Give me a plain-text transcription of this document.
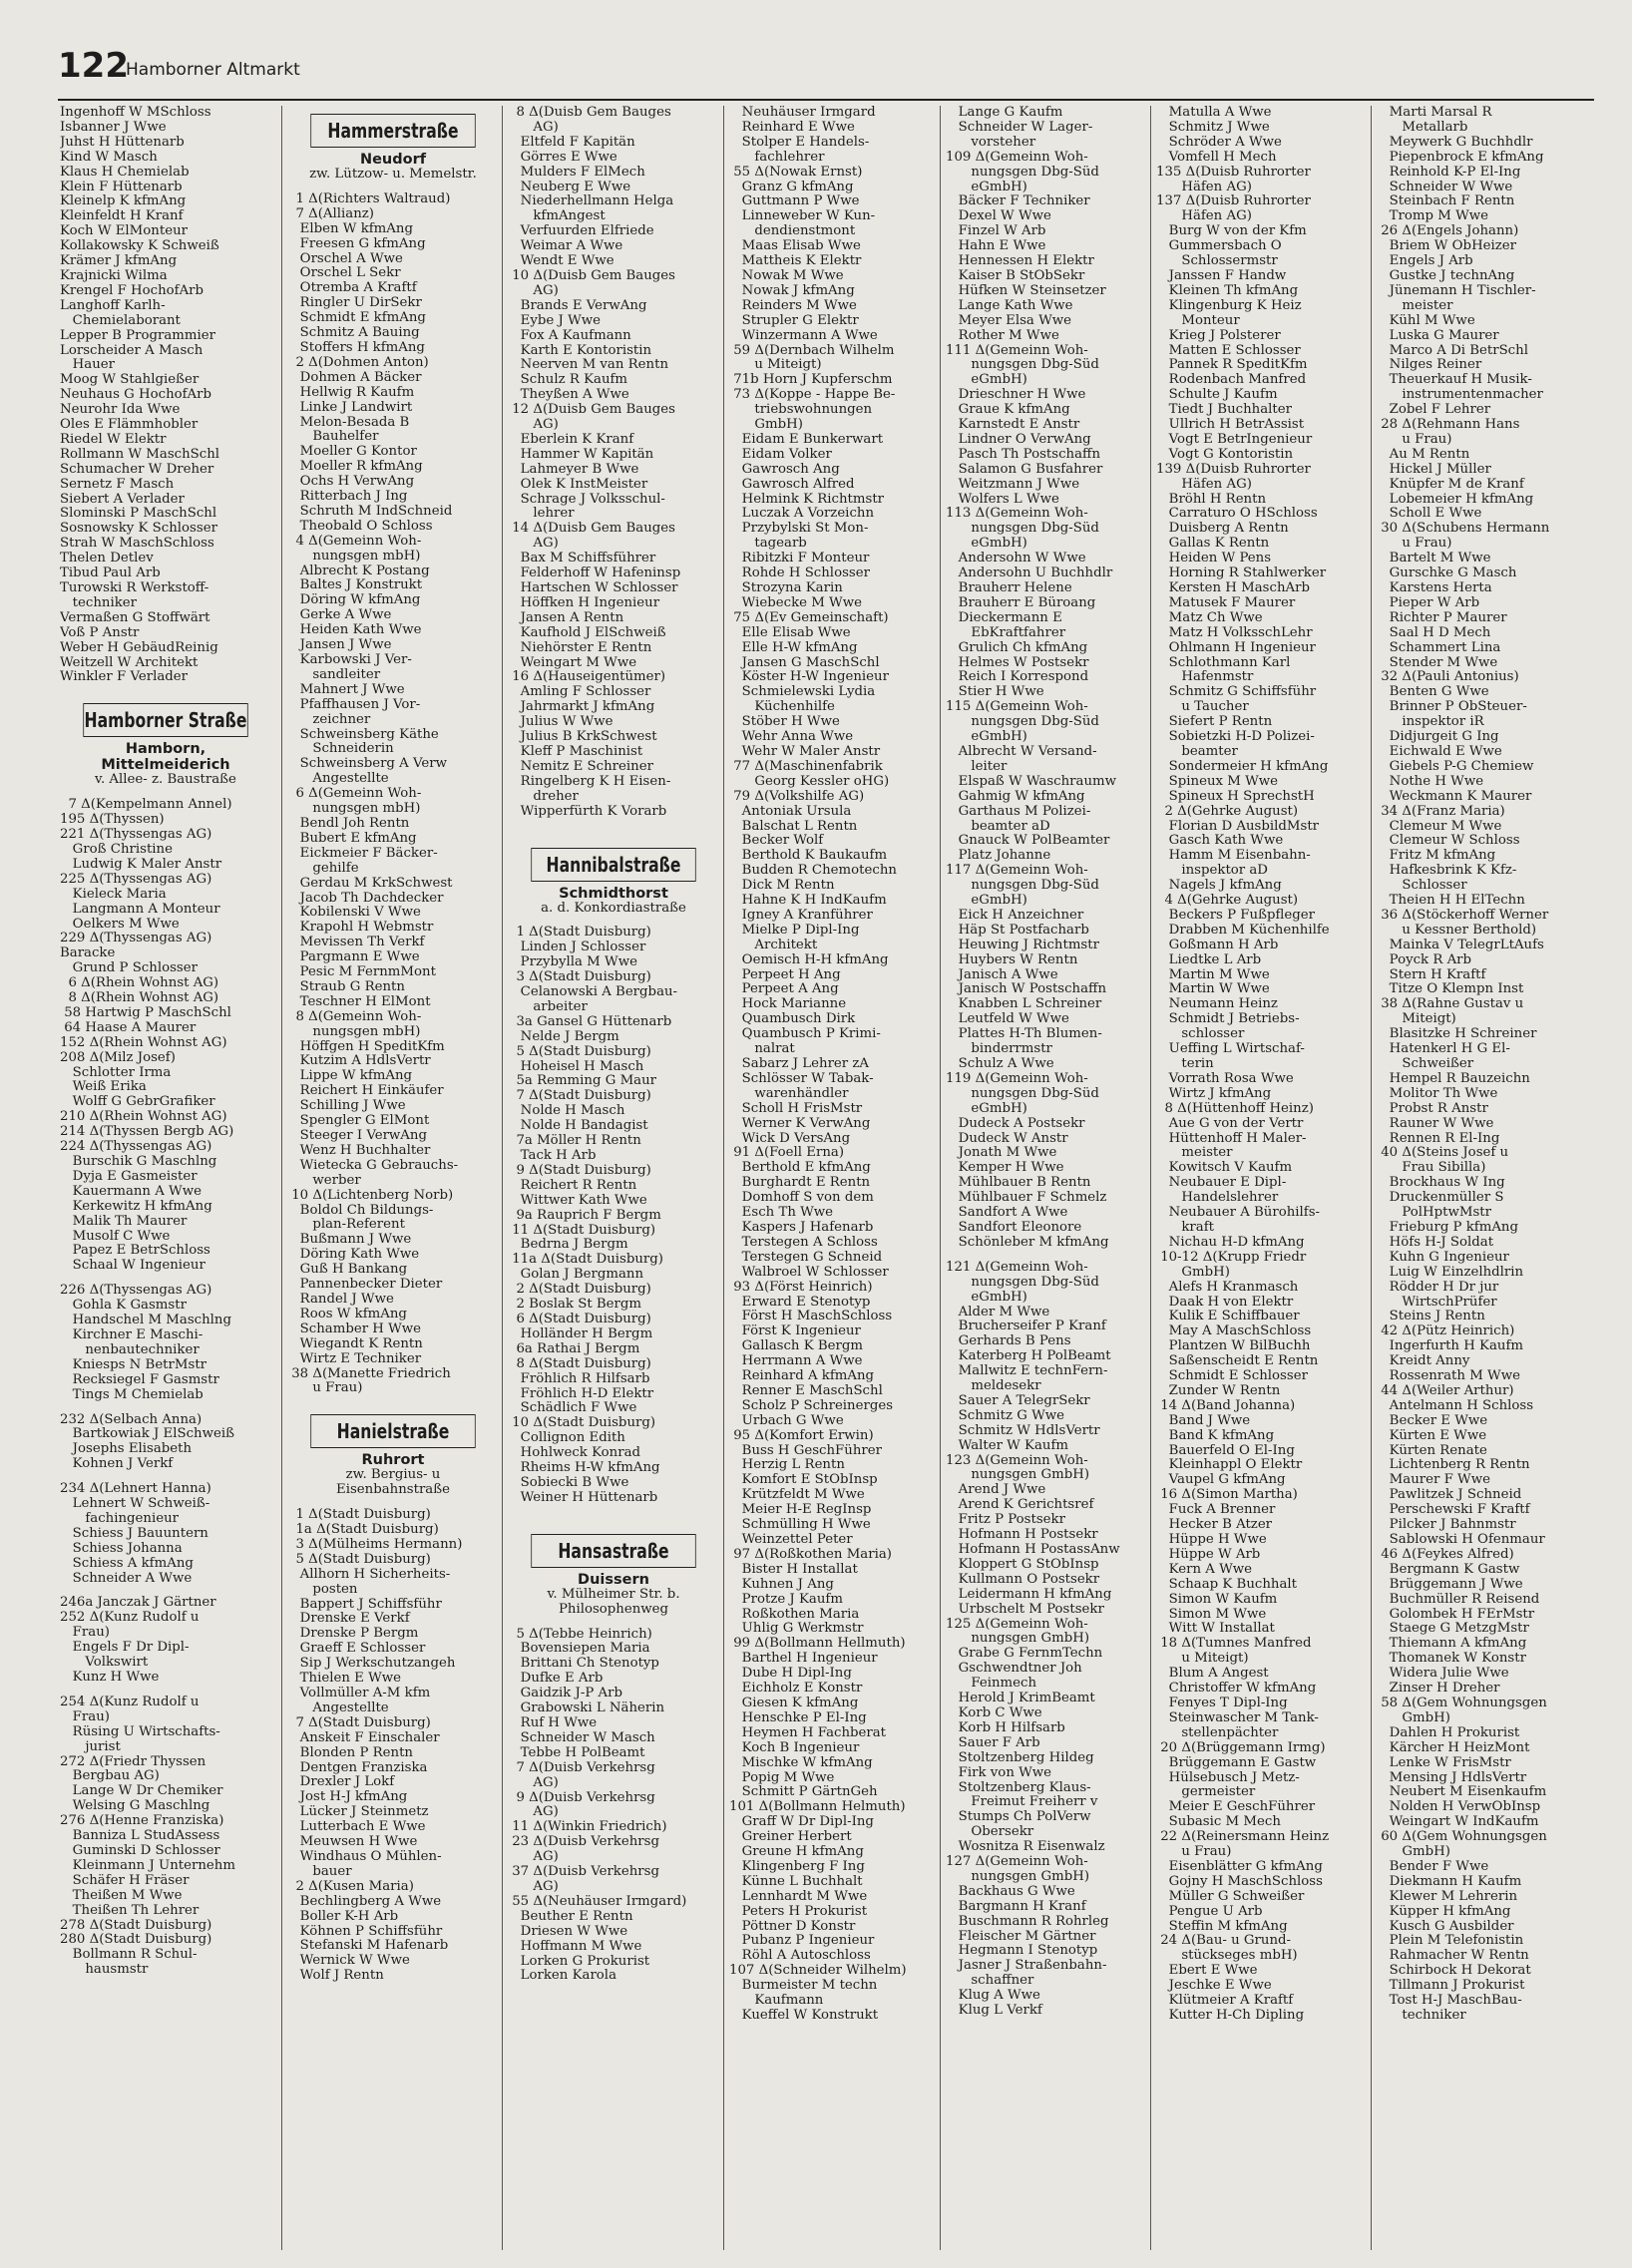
122
Hamborner Altmarkt
Ingenhoff W MSchloss
Isbanner J Wwe
Juhst H Hüttenarb
Kind W Masch
Klaus H Chemielab
Klein F Hüttenarb
Kleinelp K kfmAng
Kleinfeldt H Kranf
Koch W ElMonteur
Kollakowsky K Schweiß
Krämer J kfmAng
Krajnicki Wilma
Krengel F HochofArb
Langhoff Karlh-
Chemielaborant
Lepper B Programmier
Lorscheider A Masch
Hauer
Moog W Stahlgießer
Neuhaus G HochofArb
Neurohr Ida Wwe
Oles E Flämmhobler
Riedel W Elektr
Rollmann W MaschSchl
Schumacher W Dreher
Sernetz F Masch
Siebert A Verlader
Slominski P MaschSchl
Sosnowsky K Schlosser
Strah W MaschSchloss
Thelen Detlev
Tibud Paul Arb
Turowski R Werkstoff-
techniker
Vermaßen G Stoffwärt
Voß P Anstr
Weber H GebäudReinig
Weitzell W Architekt
Winkler F Verlader
Hamborner Straße
Hamborn,
Mittelmeiderich
v. Allee- z. Baustraße
7 Δ(Kempelmann Annel)
195 Δ(Thyssen)
221 Δ(Thyssengas AG)
Groß Christine
Ludwig K Maler Anstr
225 Δ(Thyssengas AG)
Kieleck Maria
Langmann A Monteur
Oelkers M Wwe
229 Δ(Thyssengas AG)
Baracke
Grund P Schlosser
6 Δ(Rhein Wohnst AG)
8 Δ(Rhein Wohnst AG)
58 Hartwig P MaschSchl
64 Haase A Maurer
152 Δ(Rhein Wohnst AG)
208 Δ(Milz Josef)
Schlotter Irma
Weiß Erika
Wolff G GebrGrafiker
210 Δ(Rhein Wohnst AG)
214 Δ(Thyssen Bergb AG)
224 Δ(Thyssengas AG)
Burschik G Maschlng
Dyja E Gasmeister
Kauermann A Wwe
Kerkewitz H kfmAng
Malik Th Maurer
Musolf C Wwe
Papez E BetrSchloss
Schaal W Ingenieur
226 Δ(Thyssengas AG)
Gohla K Gasmstr
Handschel M Maschlng
Kirchner E Maschi-
nenbautechniker
Kniesps N BetrMstr
Recksiegel F Gasmstr
Tings M Chemielab
232 Δ(Selbach Anna)
Bartkowiak J ElSchweiß
Josephs Elisabeth
Kohnen J Verkf
234 Δ(Lehnert Hanna)
Lehnert W Schweiß-
fachingenieur
Schiess J Bauuntern
Schiess Johanna
Schiess A kfmAng
Schneider A Wwe
246a Janczak J Gärtner
252 Δ(Kunz Rudolf u
Frau)
Engels F Dr Dipl-
Volkswirt
Kunz H Wwe
254 Δ(Kunz Rudolf u
Frau)
Rüsing U Wirtschafts-
jurist
272 Δ(Friedr Thyssen
Bergbau AG)
Lange W Dr Chemiker
Welsing G Maschlng
276 Δ(Henne Franziska)
Banniza L StudAssess
Guminski D Schlosser
Kleinmann J Unternehm
Schäfer H Fräser
Theißen M Wwe
Theißen Th Lehrer
278 Δ(Stadt Duisburg)
280 Δ(Stadt Duisburg)
Bollmann R Schul-
hausmstr
Hammerstraße
Neudorf
zw. Lützow- u. Memelstr.
1 Δ(Richters Waltraud)
7 Δ(Allianz)
Elben W kfmAng
Freesen G kfmAng
Orschel A Wwe
Orschel L Sekr
Otremba A Kraftf
Ringler U DirSekr
Schmidt E kfmAng
Schmitz A Bauing
Stoffers H kfmAng
2 Δ(Dohmen Anton)
Dohmen A Bäcker
Hellwig R Kaufm
Linke J Landwirt
Melon-Besada B
Bauhelfer
Moeller G Kontor
Moeller R kfmAng
Ochs H VerwAng
Ritterbach J Ing
Schruth M IndSchneid
Theobald O Schloss
4 Δ(Gemeinn Woh-
nungsgen mbH)
Albrecht K Postang
Baltes J Konstrukt
Döring W kfmAng
Gerke A Wwe
Heiden Kath Wwe
Jansen J Wwe
Karbowski J Ver-
sandleiter
Mahnert J Wwe
Pfaffhausen J Vor-
zeichner
Schweinsberg Käthe
Schneiderin
Schweinsberg A Verw
Angestellte
6 Δ(Gemeinn Woh-
nungsgen mbH)
Bendl Joh Rentn
Bubert E kfmAng
Eickmeier F Bäcker-
gehilfe
Gerdau M KrkSchwest
Jacob Th Dachdecker
Kobilenski V Wwe
Krapohl H Webmstr
Mevissen Th Verkf
Pargmann E Wwe
Pesic M FernmMont
Straub G Rentn
Teschner H ElMont
8 Δ(Gemeinn Woh-
nungsgen mbH)
Höffgen H SpeditKfm
Kutzim A HdlsVertr
Lippe W kfmAng
Reichert H Einkäufer
Schilling J Wwe
Spengler G ElMont
Steeger I VerwAng
Wenz H Buchhalter
Wietecka G Gebrauchs-
werber
10 Δ(Lichtenberg Norb)
Boldol Ch Bildungs-
plan-Referent
Bußmann J Wwe
Döring Kath Wwe
Guß H Bankang
Pannenbecker Dieter
Randel J Wwe
Roos W kfmAng
Schamber H Wwe
Wiegandt K Rentn
Wirtz E Techniker
38 Δ(Manette Friedrich
u Frau)
Hanielstraße
Ruhrort
zw. Bergius- u
Eisenbahnstraße
1 Δ(Stadt Duisburg)
1a Δ(Stadt Duisburg)
3 Δ(Mülheims Hermann)
5 Δ(Stadt Duisburg)
Allhorn H Sicherheits-
posten
Bappert J Schiffsführ
Drenske E Verkf
Drenske P Bergm
Graeff E Schlosser
Sip J Werkschutzangeh
Thielen E Wwe
Vollmüller A-M kfm
Angestellte
7 Δ(Stadt Duisburg)
Anskeit F Einschaler
Blonden P Rentn
Dentgen Franziska
Drexler J Lokf
Jost H-J kfmAng
Lücker J Steinmetz
Lutterbach E Wwe
Meuwsen H Wwe
Windhaus O Mühlen-
bauer
2 Δ(Kusen Maria)
Bechlingberg A Wwe
Boller K-H Arb
Köhnen P Schiffsführ
Stefanski M Hafenarb
Wernick W Wwe
Wolf J Rentn
8 Δ(Duisb Gem Bauges
AG)
Eltfeld F Kapitän
Görres E Wwe
Mulders F ElMech
Neuberg E Wwe
Niederhellmann Helga
kfmAngest
Verfuurden Elfriede
Weimar A Wwe
Wendt E Wwe
10 Δ(Duisb Gem Bauges
AG)
Brands E VerwAng
Eybe J Wwe
Fox A Kaufmann
Karth E Kontoristin
Neerven M van Rentn
Schulz R Kaufm
Theyßen A Wwe
12 Δ(Duisb Gem Bauges
AG)
Eberlein K Kranf
Hammer W Kapitän
Lahmeyer B Wwe
Olek K InstMeister
Schrage J Volksschul-
lehrer
14 Δ(Duisb Gem Bauges
AG)
Bax M Schiffsführer
Felderhoff W Hafeninsp
Hartschen W Schlosser
Höffken H Ingenieur
Jansen A Rentn
Kaufhold J ElSchweiß
Niehörster E Rentn
Weingart M Wwe
16 Δ(Hauseigentümer)
Amling F Schlosser
Jahrmarkt J kfmAng
Julius W Wwe
Julius B KrkSchwest
Kleff P Maschinist
Nemitz E Schreiner
Ringelberg K H Eisen-
dreher
Wipperfürth K Vorarb
Hannibalstraße
Schmidthorst
a. d. Konkordiastraße
1 Δ(Stadt Duisburg)
Linden J Schlosser
Przybylla M Wwe
3 Δ(Stadt Duisburg)
Celanowski A Bergbau-
arbeiter
3a Gansel G Hüttenarb
Nelde J Bergm
5 Δ(Stadt Duisburg)
Hoheisel H Masch
5a Remming G Maur
7 Δ(Stadt Duisburg)
Nolde H Masch
Nolde H Bandagist
7a Möller H Rentn
Tack H Arb
9 Δ(Stadt Duisburg)
Reichert R Rentn
Wittwer Kath Wwe
9a Rauprich F Bergm
11 Δ(Stadt Duisburg)
Bedrna J Bergm
11a Δ(Stadt Duisburg)
Golan J Bergmann
2 Δ(Stadt Duisburg)
2 Boslak St Bergm
6 Δ(Stadt Duisburg)
Holländer H Bergm
6a Rathai J Bergm
8 Δ(Stadt Duisburg)
Fröhlich R Hilfsarb
Fröhlich H-D Elektr
Schädlich F Wwe
10 Δ(Stadt Duisburg)
Collignon Edith
Hohlweck Konrad
Rheims H-W kfmAng
Sobiecki B Wwe
Weiner H Hüttenarb
Hansastraße
Duissern
v. Mülheimer Str. b.
Philosophenweg
5 Δ(Tebbe Heinrich)
Bovensiepen Maria
Brittani Ch Stenotyp
Dufke E Arb
Gaidzik J-P Arb
Grabowski L Näherin
Ruf H Wwe
Schneider W Masch
Tebbe H PolBeamt
7 Δ(Duisb Verkehrsg
AG)
9 Δ(Duisb Verkehrsg
AG)
11 Δ(Winkin Friedrich)
23 Δ(Duisb Verkehrsg
AG)
37 Δ(Duisb Verkehrsg
AG)
55 Δ(Neuhäuser Irmgard)
Beuther E Rentn
Driesen W Wwe
Hoffmann M Wwe
Lorken G Prokurist
Lorken Karola
Neuhäuser Irmgard
Reinhard E Wwe
Stolper E Handels-
fachlehrer
55 Δ(Nowak Ernst)
Granz G kfmAng
Guttmann P Wwe
Linneweber W Kun-
dendienstmont
Maas Elisab Wwe
Mattheis K Elektr
Nowak M Wwe
Nowak J kfmAng
Reinders M Wwe
Strupler G Elektr
Winzermann A Wwe
59 Δ(Dernbach Wilhelm
u Miteigt)
71b Horn J Kupferschm
73 Δ(Koppe - Happe Be-
triebswohnungen
GmbH)
Eidam E Bunkerwart
Eidam Volker
Gawrosch Ang
Gawrosch Alfred
Helmink K Richtmstr
Luczak A Vorzeichn
Przybylski St Mon-
tagearb
Ribitzki F Monteur
Rohde H Schlosser
Strozyna Karin
Wiebecke M Wwe
75 Δ(Ev Gemeinschaft)
Elle Elisab Wwe
Elle H-W kfmAng
Jansen G MaschSchl
Köster H-W Ingenieur
Schmielewski Lydia
Küchenhilfe
Stöber H Wwe
Wehr Anna Wwe
Wehr W Maler Anstr
77 Δ(Maschinenfabrik
Georg Kessler oHG)
79 Δ(Volkshilfe AG)
Antoniak Ursula
Balschat L Rentn
Becker Wolf
Berthold K Baukaufm
Budden R Chemotechn
Dick M Rentn
Hahne K H IndKaufm
Igney A Kranführer
Mielke P Dipl-Ing
Architekt
Oemisch H-H kfmAng
Perpeet H Ang
Perpeet A Ang
Hock Marianne
Quambusch Dirk
Quambusch P Krimi-
nalrat
Sabarz J Lehrer zA
Schlösser W Tabak-
warenhändler
Scholl H FrisMstr
Werner K VerwAng
Wick D VersAng
91 Δ(Foell Erna)
Berthold E kfmAng
Burghardt E Rentn
Domhoff S von dem
Esch Th Wwe
Kaspers J Hafenarb
Terstegen A Schloss
Terstegen G Schneid
Walbroel W Schlosser
93 Δ(Först Heinrich)
Erward E Stenotyp
Först H MaschSchloss
Först K Ingenieur
Gallasch K Bergm
Herrmann A Wwe
Reinhard A kfmAng
Renner E MaschSchl
Scholz P Schreinerges
Urbach G Wwe
95 Δ(Komfort Erwin)
Buss H GeschFührer
Herzig L Rentn
Komfort E StObInsp
Krützfeldt M Wwe
Meier H-E RegInsp
Schmülling H Wwe
Weinzettel Peter
97 Δ(Roßkothen Maria)
Bister H Installat
Kuhnen J Ang
Protze J Kaufm
Roßkothen Maria
Uhlig G Werkmstr
99 Δ(Bollmann Hellmuth)
Barthel H Ingenieur
Dube H Dipl-Ing
Eichholz E Konstr
Giesen K kfmAng
Henschke P El-Ing
Heymen H Fachberat
Koch B Ingenieur
Mischke W kfmAng
Popig M Wwe
Schmitt P GärtnGeh
101 Δ(Bollmann Helmuth)
Graff W Dr Dipl-Ing
Greiner Herbert
Greune H kfmAng
Klingenberg F Ing
Künne L Buchhalt
Lennhardt M Wwe
Peters H Prokurist
Pöttner D Konstr
Pubanz P Ingenieur
Röhl A Autoschloss
107 Δ(Schneider Wilhelm)
Burmeister M techn
Kaufmann
Kueffel W Konstrukt
Lange G Kaufm
Schneider W Lager-
vorsteher
109 Δ(Gemeinn Woh-
nungsgen Dbg-Süd
eGmbH)
Bäcker F Techniker
Dexel W Wwe
Finzel W Arb
Hahn E Wwe
Hennessen H Elektr
Kaiser B StObSekr
Hüfken W Steinsetzer
Lange Kath Wwe
Meyer Elsa Wwe
Rother M Wwe
111 Δ(Gemeinn Woh-
nungsgen Dbg-Süd
eGmbH)
Drieschner H Wwe
Graue K kfmAng
Karnstedt E Anstr
Lindner O VerwAng
Pasch Th Postschaffn
Salamon G Busfahrer
Weitzmann J Wwe
Wolfers L Wwe
113 Δ(Gemeinn Woh-
nungsgen Dbg-Süd
eGmbH)
Andersohn W Wwe
Andersohn U Buchhdlr
Brauherr Helene
Brauherr E Büroang
Dieckermann E
EbKraftfahrer
Grulich Ch kfmAng
Helmes W Postsekr
Reich I Korrespond
Stier H Wwe
115 Δ(Gemeinn Woh-
nungsgen Dbg-Süd
eGmbH)
Albrecht W Versand-
leiter
Elspaß W Waschraumw
Gahmig W kfmAng
Garthaus M Polizei-
beamter aD
Gnauck W PolBeamter
Platz Johanne
117 Δ(Gemeinn Woh-
nungsgen Dbg-Süd
eGmbH)
Eick H Anzeichner
Häp St Postfacharb
Heuwing J Richtmstr
Huybers W Rentn
Janisch A Wwe
Janisch W Postschaffn
Knabben L Schreiner
Leutfeld W Wwe
Plattes H-Th Blumen-
binderrmstr
Schulz A Wwe
119 Δ(Gemeinn Woh-
nungsgen Dbg-Süd
eGmbH)
Dudeck A Postsekr
Dudeck W Anstr
Jonath M Wwe
Kemper H Wwe
Mühlbauer B Rentn
Mühlbauer F Schmelz
Sandfort A Wwe
Sandfort Eleonore
Schönleber M kfmAng
121 Δ(Gemeinn Woh-
nungsgen Dbg-Süd
eGmbH)
Alder M Wwe
Brucherseifer P Kranf
Gerhards B Pens
Katerberg H PolBeamt
Mallwitz E technFern-
meldesekr
Sauer A TelegrSekr
Schmitz G Wwe
Schmitz W HdlsVertr
Walter W Kaufm
123 Δ(Gemeinn Woh-
nungsgen GmbH)
Arend J Wwe
Arend K Gerichtsref
Fritz P Postsekr
Hofmann H Postsekr
Hofmann H PostassAnw
Kloppert G StObInsp
Kullmann O Postsekr
Leidermann H kfmAng
Urbschelt M Postsekr
125 Δ(Gemeinn Woh-
nungsgen GmbH)
Grabe G FernmTechn
Gschwendtner Joh
Feinmech
Herold J KrimBeamt
Korb C Wwe
Korb H Hilfsarb
Sauer F Arb
Stoltzenberg Hildeg
Firk von Wwe
Stoltzenberg Klaus-
Freimut Freiherr v
Stumps Ch PolVerw
Obersekr
Wosnitza R Eisenwalz
127 Δ(Gemeinn Woh-
nungsgen GmbH)
Backhaus G Wwe
Bargmann H Kranf
Buschmann R Rohrleg
Fleischer M Gärtner
Hegmann I Stenotyp
Jasner J Straßenbahn-
schaffner
Klug A Wwe
Klug L Verkf
Matulla A Wwe
Schmitz J Wwe
Schröder A Wwe
Vomfell H Mech
135 Δ(Duisb Ruhrorter
Häfen AG)
137 Δ(Duisb Ruhrorter
Häfen AG)
Burg W von der Kfm
Gummersbach O
Schlossermstr
Janssen F Handw
Kleinen Th kfmAng
Klingenburg K Heiz
Monteur
Krieg J Polsterer
Matten E Schlosser
Pannek R SpeditKfm
Rodenbach Manfred
Schulte J Kaufm
Tiedt J Buchhalter
Ullrich H BetrAssist
Vogt E BetrIngenieur
Vogt G Kontoristin
139 Δ(Duisb Ruhrorter
Häfen AG)
Bröhl H Rentn
Carraturo O HSchloss
Duisberg A Rentn
Gallas K Rentn
Heiden W Pens
Horning R Stahlwerker
Kersten H MaschArb
Matusek F Maurer
Matz Ch Wwe
Matz H VolksschLehr
Ohlmann H Ingenieur
Schlothmann Karl
Hafenmstr
Schmitz G Schiffsführ
u Taucher
Siefert P Rentn
Sobietzki H-D Polizei-
beamter
Sondermeier H kfmAng
Spineux M Wwe
Spineux H SprechstH
2 Δ(Gehrke August)
Florian D AusbildMstr
Gasch Kath Wwe
Hamm M Eisenbahn-
inspektor aD
Nagels J kfmAng
4 Δ(Gehrke August)
Beckers P Fußpfleger
Drabben M Küchenhilfe
Goßmann H Arb
Liedtke L Arb
Martin M Wwe
Martin W Wwe
Neumann Heinz
Schmidt J Betriebs-
schlosser
Ueffing L Wirtschaf-
terin
Vorrath Rosa Wwe
Wirtz J kfmAng
8 Δ(Hüttenhoff Heinz)
Aue G von der Vertr
Hüttenhoff H Maler-
meister
Kowitsch V Kaufm
Neubauer E Dipl-
Handelslehrer
Neubauer A Bürohilfs-
kraft
Nichau H-D kfmAng
10-12 Δ(Krupp Friedr
GmbH)
Alefs H Kranmasch
Daak H von Elektr
Kulik E Schiffbauer
May A MaschSchloss
Plantzen W BilBuchh
Saßenscheidt E Rentn
Schmidt E Schlosser
Zunder W Rentn
14 Δ(Band Johanna)
Band J Wwe
Band K kfmAng
Bauerfeld O El-Ing
Kleinhappl O Elektr
Vaupel G kfmAng
16 Δ(Simon Martha)
Fuck A Brenner
Hecker B Ätzer
Hüppe H Wwe
Hüppe W Arb
Kern A Wwe
Schaap K Buchhalt
Simon W Kaufm
Simon M Wwe
Witt W Installat
18 Δ(Tumnes Manfred
u Miteigt)
Blum A Angest
Christoffer W kfmAng
Fenyes T Dipl-Ing
Steinwascher M Tank-
stellenpächter
20 Δ(Brüggemann Irmg)
Brüggemann E Gastw
Hülsebusch J Metz-
germeister
Meier E GeschFührer
Subasic M Mech
22 Δ(Reinersmann Heinz
u Frau)
Eisenblätter G kfmAng
Gojny H MaschSchloss
Müller G Schweißer
Pengue U Arb
Steffin M kfmAng
24 Δ(Bau- u Grund-
stückseges mbH)
Ebert E Wwe
Jeschke E Wwe
Klütmeier A Kraftf
Kutter H-Ch Dipling
Marti Marsal R
Metallarb
Meywerk G Buchhdlr
Piepenbrock E kfmAng
Reinhold K-P El-Ing
Schneider W Wwe
Steinbach F Rentn
Tromp M Wwe
26 Δ(Engels Johann)
Briem W ObHeizer
Engels J Arb
Gustke J technAng
Jünemann H Tischler-
meister
Kühl M Wwe
Luska G Maurer
Marco A Di BetrSchl
Nilges Reiner
Theuerkauf H Musik-
instrumentenmacher
Zobel F Lehrer
28 Δ(Rehmann Hans
u Frau)
Au M Rentn
Hickel J Müller
Knüpfer M de Kranf
Lobemeier H kfmAng
Scholl E Wwe
30 Δ(Schubens Hermann
u Frau)
Bartelt M Wwe
Gurschke G Masch
Karstens Herta
Pieper W Arb
Richter P Maurer
Saal H D Mech
Schammert Lina
Stender M Wwe
32 Δ(Pauli Antonius)
Benten G Wwe
Brinner P ObSteuer-
inspektor iR
Didjurgeit G Ing
Eichwald E Wwe
Giebels P-G Chemiew
Nothe H Wwe
Weckmann K Maurer
34 Δ(Franz Maria)
Clemeur M Wwe
Clemeur W Schloss
Fritz M kfmAng
Hafkesbrink K Kfz-
Schlosser
Theien H H ElTechn
36 Δ(Stöckerhoff Werner
u Kessner Berthold)
Mainka V TelegrLtAufs
Poyck R Arb
Stern H Kraftf
Titze O Klempn Inst
38 Δ(Rahne Gustav u
Miteigt)
Blasitzke H Schreiner
Hatenkerl H G El-
Schweißer
Hempel R Bauzeichn
Molitor Th Wwe
Probst R Anstr
Rauner W Wwe
Rennen R El-Ing
40 Δ(Steins Josef u
Frau Sibilla)
Brockhaus W Ing
Druckenmüller S
PolHptwMstr
Frieburg P kfmAng
Höfs H-J Soldat
Kuhn G Ingenieur
Luig W Einzelhdlrin
Rödder H Dr jur
WirtschPrüfer
Steins J Rentn
42 Δ(Pütz Heinrich)
Ingerfurth H Kaufm
Kreidt Anny
Rossenrath M Wwe
44 Δ(Weiler Arthur)
Antelmann H Schloss
Becker E Wwe
Kürten E Wwe
Kürten Renate
Lichtenberg R Rentn
Maurer F Wwe
Pawlitzek J Schneid
Perschewski F Kraftf
Pilcker J Bahnmstr
Sablowski H Ofenmaur
46 Δ(Feykes Alfred)
Bergmann K Gastw
Brüggemann J Wwe
Buchmüller R Reisend
Golombek H FErMstr
Staege G MetzgMstr
Thiemann A kfmAng
Thomanek W Konstr
Widera Julie Wwe
Zinser H Dreher
58 Δ(Gem Wohnungsgen
GmbH)
Dahlen H Prokurist
Kärcher H HeizMont
Lenke W FrisMstr
Mensing J HdlsVertr
Neubert M Eisenkaufm
Nolden H VerwObInsp
Weingart W IndKaufm
60 Δ(Gem Wohnungsgen
GmbH)
Bender F Wwe
Diekmann H Kaufm
Klewer M Lehrerin
Küpper H kfmAng
Kusch G Ausbilder
Plein M Telefonistin
Rahmacher W Rentn
Schirbock H Dekorat
Tillmann J Prokurist
Tost H-J MaschBau-
techniker
